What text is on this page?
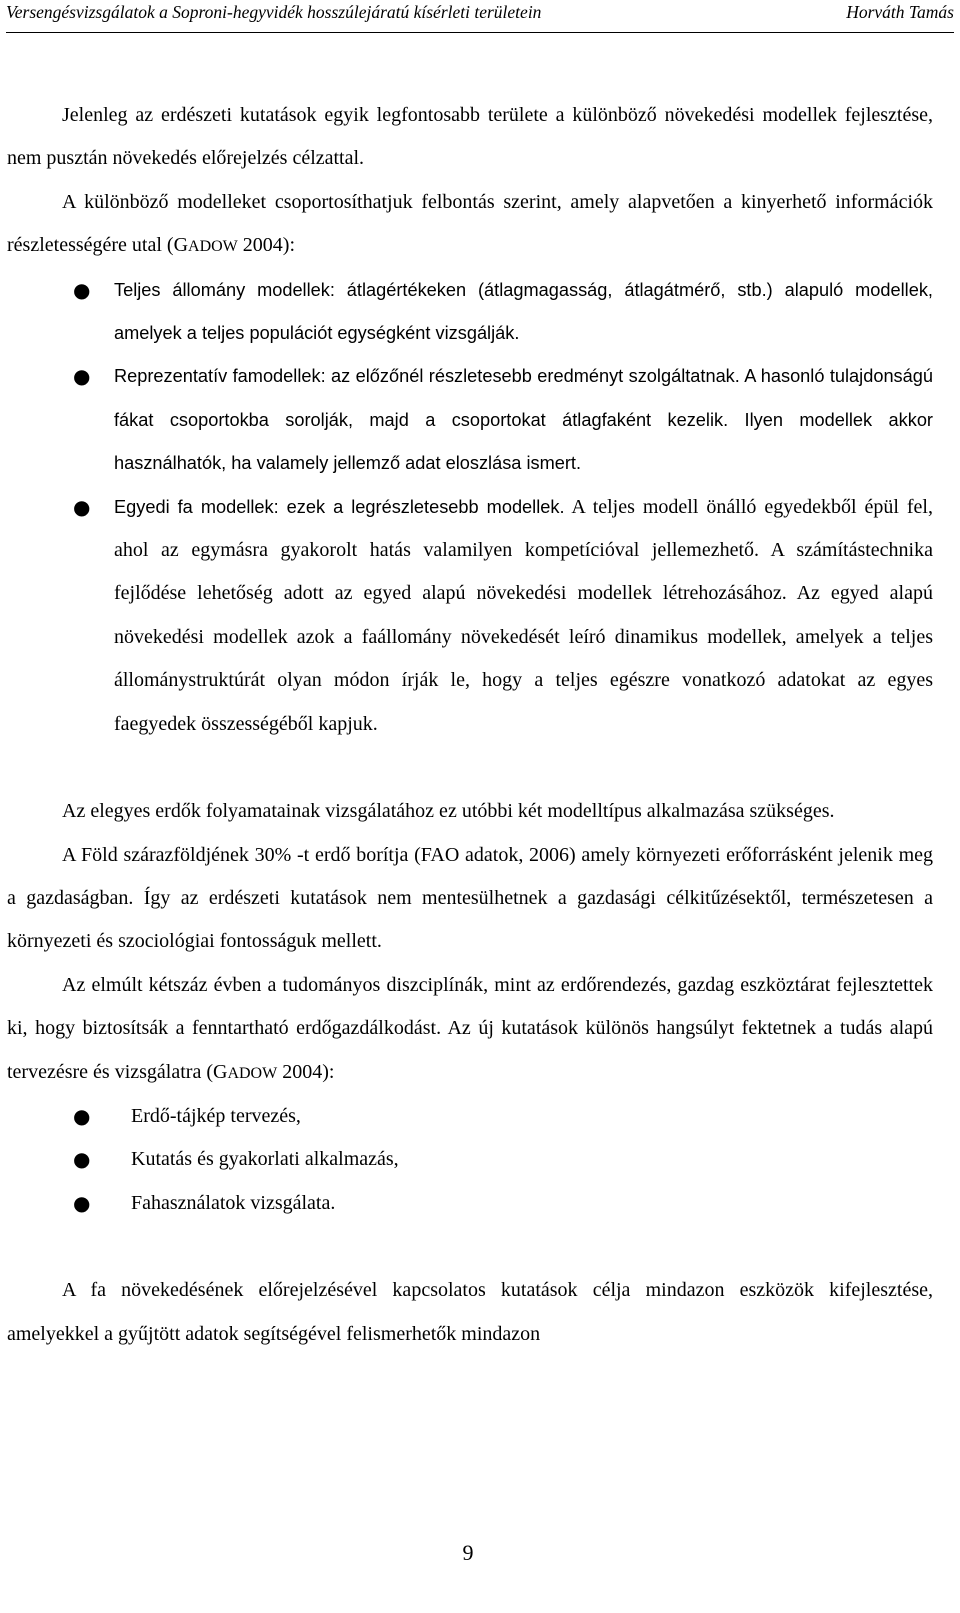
Versengésvizsgálatok a Soproni-hegyvidék hosszúlejáratú kísérleti területein	Horváth Tamás

Jelenleg az erdészeti kutatások egyik legfontosabb területe a különböző növekedési modellek fejlesztése, nem pusztán növekedés előrejelzés célzattal.

A különböző modelleket csoportosíthatjuk felbontás szerint, amely alapvetően a kinyerhető információk részletességére utal (GADOW 2004):

● Teljes állomány modellek: átlagértékeken (átlagmagasság, átlagátmérő, stb.) alapuló modellek, amelyek a teljes populációt egységként vizsgálják.
● Reprezentatív famodellek: az előzőnél részletesebb eredményt szolgáltatnak. A hasonló tulajdonságú fákat csoportokba sorolják, majd a csoportokat átlagfaként kezelik. Ilyen modellek akkor használhatók, ha valamely jellemző adat eloszlása ismert.
● Egyedi fa modellek: ezek a legrészletesebb modellek. A teljes modell önálló egyedekből épül fel, ahol az egymásra gyakorolt hatás valamilyen kompetícióval jellemezhető. A számítástechnika fejlődése lehetőség adott az egyed alapú növekedési modellek létrehozásához. Az egyed alapú növekedési modellek azok a faállomány növekedését leíró dinamikus modellek, amelyek a teljes állománystruktúrát olyan módon írják le, hogy a teljes egészre vonatkozó adatokat az egyes faegyedek összességéből kapjuk.

Az elegyes erdők folyamatainak vizsgálatához ez utóbbi két modelltípus alkalmazása szükséges.

A Föld szárazföldjének 30% -t erdő borítja (FAO adatok, 2006) amely környezeti erőforrásként jelenik meg a gazdaságban. Így az erdészeti kutatások nem mentesülhetnek a gazdasági célkitűzésektől, természetesen a környezeti és szociológiai fontosságuk mellett.

Az elmúlt kétszáz évben a tudományos diszciplínák, mint az erdőrendezés, gazdag eszköztárat fejlesztettek ki, hogy biztosítsák a fenntartható erdőgazdálkodást. Az új kutatások különös hangsúlyt fektetnek a tudás alapú tervezésre és vizsgálatra (GADOW 2004):

● Erdő-tájkép tervezés,
● Kutatás és gyakorlati alkalmazás,
● Fahasználatok vizsgálata.

A fa növekedésének előrejelzésével kapcsolatos kutatások célja mindazon eszközök kifejlesztése, amelyekkel a gyűjtött adatok segítségével felismerhetők mindazon

9
